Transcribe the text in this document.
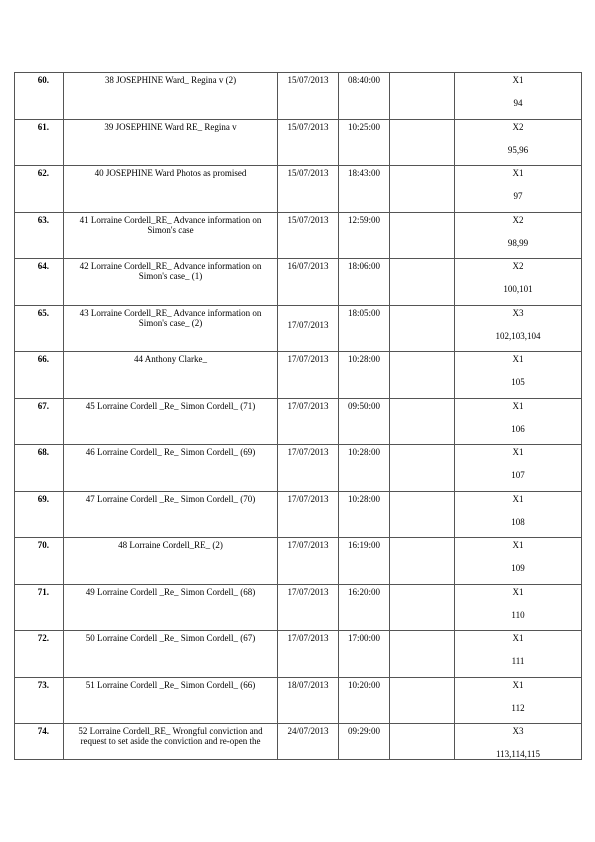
60.	38 JOSEPHINE Ward_ Regina v (2)	15/07/2013	08:40:00		X1
94

61.	39 JOSEPHINE Ward RE_ Regina v	15/07/2013	10:25:00		X2
95,96

62.	40 JOSEPHINE Ward Photos as promised	15/07/2013	18:43:00		X1
97

63.	41 Lorraine Cordell_RE_ Advance information on Simon's case	15/07/2013	12:59:00		X2
98,99

64.	42 Lorraine Cordell_RE_ Advance information on Simon's case_ (1)	16/07/2013	18:06:00		X2
100,101

65.	43 Lorraine Cordell_RE_ Advance information on Simon's case_ (2)	17/07/2013	18:05:00		X3
102,103,104

66.	44 Anthony Clarke_	17/07/2013	10:28:00		X1
105

67.	45 Lorraine Cordell _Re_ Simon Cordell_ (71)	17/07/2013	09:50:00		X1
106

68.	46 Lorraine Cordell_ Re_ Simon Cordell_ (69)	17/07/2013	10:28:00		X1
107

69.	47 Lorraine Cordell _Re_ Simon Cordell_ (70)	17/07/2013	10:28:00		X1
108

70.	48 Lorraine Cordell_RE_ (2)	17/07/2013	16:19:00		X1
109

71.	49 Lorraine Cordell _Re_ Simon Cordell_ (68)	17/07/2013	16:20:00		X1
110

72.	50 Lorraine Cordell _Re_ Simon Cordell_ (67)	17/07/2013	17:00:00		X1
111

73.	51 Lorraine Cordell _Re_ Simon Cordell_ (66)	18/07/2013	10:20:00		X1
112

74.	52 Lorraine Cordell_RE_ Wrongful conviction and request to set aside the conviction and re-open the	24/07/2013	09:29:00		X3
113,114,115
